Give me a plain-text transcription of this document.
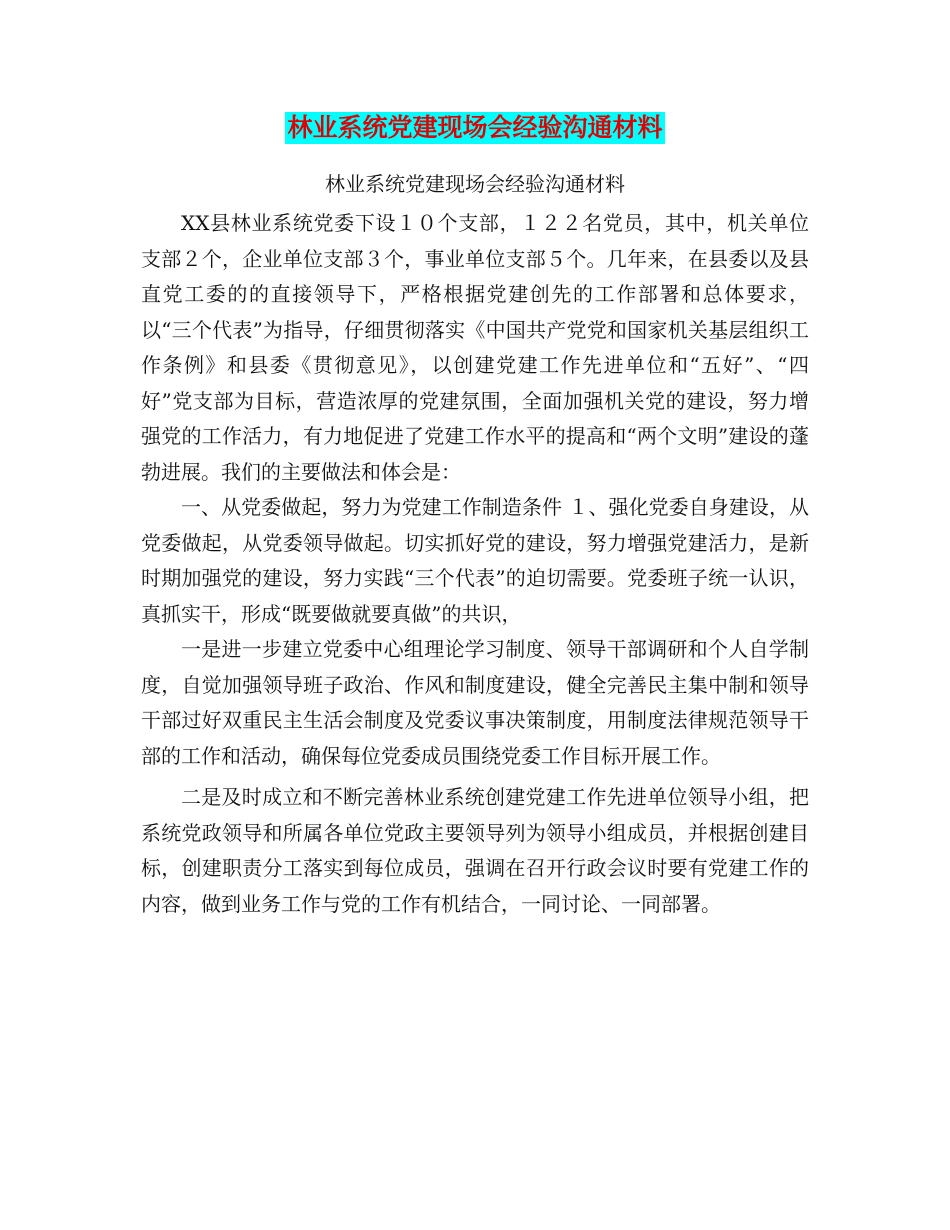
林业系统党建现场会经验沟通材料
林业系统党建现场会经验沟通材料

XX县林业系统党委下设１０个支部，１２２名党员，其中，机关单位支部２个，企业单位支部３个，事业单位支部５个。几年来，在县委以及县直党工委的的直接领导下，严格根据党建创先的工作部署和总体要求，以“三个代表”为指导，仔细贯彻落实《中国共产党党和国家机关基层组织工作条例》和县委《贯彻意见》，以创建党建工作先进单位和“五好”、“四好”党支部为目标，营造浓厚的党建氛围，全面加强机关党的建设，努力增强党的工作活力，有力地促进了党建工作水平的提高和“两个文明”建设的蓬勃进展。我们的主要做法和体会是：

一、从党委做起，努力为党建工作制造条件 １、强化党委自身建设，从党委做起，从党委领导做起。切实抓好党的建设，努力增强党建活力，是新时期加强党的建设，努力实践“三个代表”的迫切需要。党委班子统一认识，真抓实干，形成“既要做就要真做”的共识，

一是进一步建立党委中心组理论学习制度、领导干部调研和个人自学制度，自觉加强领导班子政治、作风和制度建设，健全完善民主集中制和领导干部过好双重民主生活会制度及党委议事决策制度，用制度法律规范领导干部的工作和活动，确保每位党委成员围绕党委工作目标开展工作。

二是及时成立和不断完善林业系统创建党建工作先进单位领导小组，把系统党政领导和所属各单位党政主要领导列为领导小组成员，并根据创建目标，创建职责分工落实到每位成员，强调在召开行政会议时要有党建工作的内容，做到业务工作与党的工作有机结合，一同讨论、一同部署。
